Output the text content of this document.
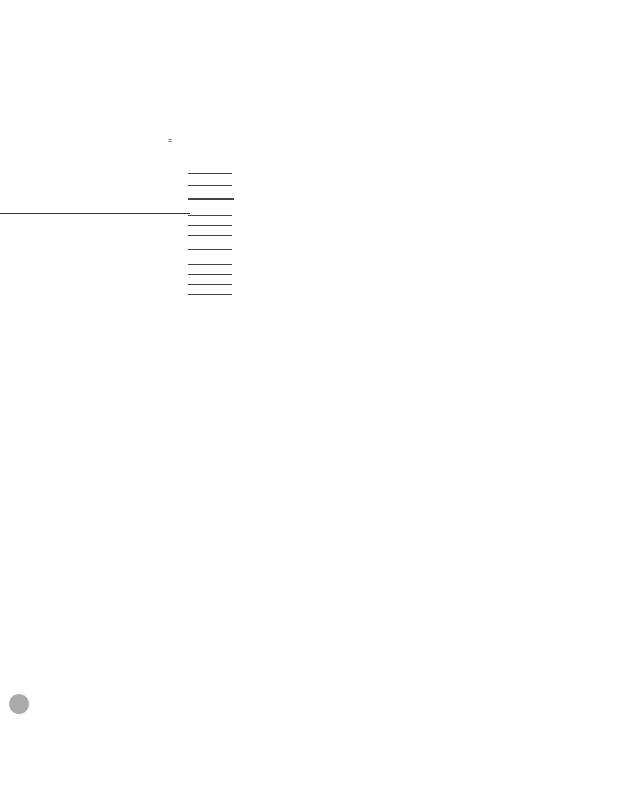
=
